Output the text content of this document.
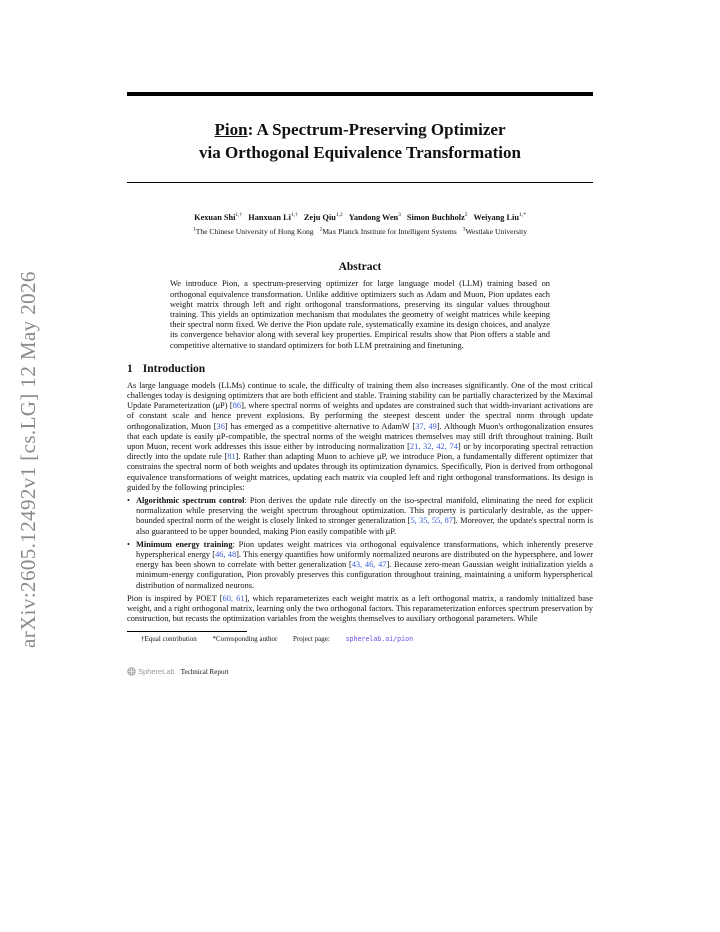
arXiv:2605.12492v1 [cs.LG] 12 May 2026
Pion: A Spectrum-Preserving Optimizer
via Orthogonal Equivalence Transformation
Kexuan Shi$^{1,\dagger}$ Hanxuan $Li^{1,\dagger}$ Zeju Qiu$^{1,2}$ Yandong Wen$^3$ Simon Buchholz$^2$ Weiyang Liu$^{1,*}$
$^1$The Chinese University of Hong Kong $^2$Max Planck Institute for Intelligent Systems $^3$Westlake University
Abstract
We introduce Pion, a spectrum-preserving optimizer for large language model (LLM) training based on orthogonal equivalence transformation. Unlike additive optimizers such as Adam and Muon, Pion updates each weight matrix through left and right orthogonal transformations, preserving its singular values throughout training. This yields an optimization mechanism that modulates the geometry of weight matrices while keeping their spectral norm fixed. We derive the Pion update rule, systematically examine its design choices, and analyze its convergence behavior along with several key properties. Empirical results show that Pion offers a stable and competitive alternative to standard optimizers for both LLM pretraining and finetuning.
1 Introduction
As large language models (LLMs) continue to scale, the difficulty of training them also increases significantly. One of the most critical challenges today is designing optimizers that are both efficient and stable. Training stability can be partially characterized by the Maximal Update Parameterization (μP) [86], where spectral norms of weights and updates are constrained such that width-invariant activations are of constant scale and hence prevent explosions. By performing the steepest descent under the spectral norm through update orthogonalization, Muon [36] has emerged as a competitive alternative to AdamW [37, 49]. Although Muon's orthogonalization ensures that each update is easily μP-compatible, the spectral norms of the weight matrices themselves may still drift throughout training. Built upon Muon, recent work addresses this issue either by introducing normalization [21, 32, 42, 74] or by incorporating spectral retraction directly into the update rule [81]. Rather than adapting Muon to achieve μP, we introduce Pion, a fundamentally different optimizer that constrains the spectral norm of both weights and updates through its optimization dynamics. Specifically, Pion is derived from orthogonal equivalence transformations of weight matrices, updating each matrix via coupled left and right orthogonal transformations. Its design is guided by the following principles:
• Algorithmic spectrum control: Pion derives the update rule directly on the iso-spectral manifold, eliminating the need for explicit normalization while preserving the weight spectrum throughout optimization. This property is particularly desirable, as the upper-bounded spectral norm of the weight is closely linked to stronger generalization [5, 35, 55, 87]. Moreover, the update's spectral norm is also guaranteed to be upper bounded, making Pion easily compatible with μP.
• Minimum energy training: Pion updates weight matrices via orthogonal equivalence transformations, which inherently preserve hyperspherical energy [46, 48]. This energy quantifies how uniformly normalized neurons are distributed on the hypersphere, and lower energy has been shown to correlate with better generalization [43, 46, 47]. Because zero-mean Gaussian weight initialization yields a minimum-energy configuration, Pion provably preserves this configuration throughout training, maintaining a uniform hyperspherical distribution of normalized neurons.
Pion is inspired by POET [60, 61], which reparameterizes each weight matrix as a left orthogonal matrix, a randomly initialized base weight, and a right orthogonal matrix, learning only the two orthogonal factors. This reparameterization enforces spectrum preservation by construction, but recasts the optimization variables from the weights themselves to auxiliary orthogonal parameters. While
†Equal contribution *Corresponding author Project page: spherelab.ai/pion
SphereLab Technical Report
